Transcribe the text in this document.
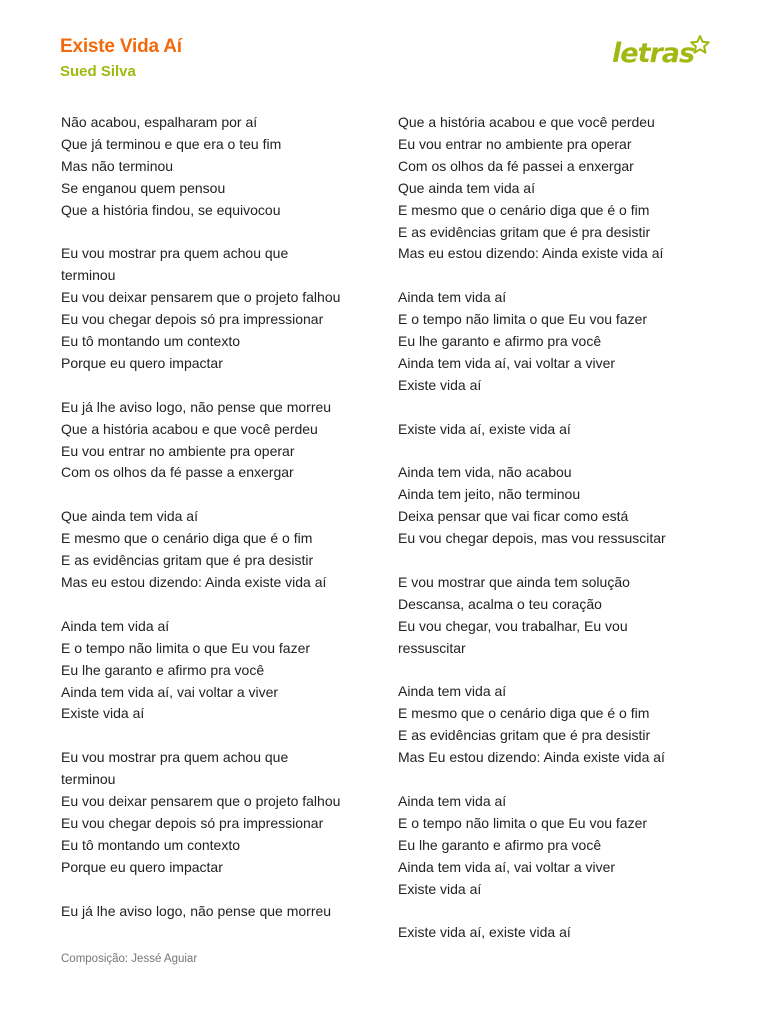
Existe Vida Aí
Sued Silva
letras
Não acabou, espalharam por aí
Que já terminou e que era o teu fim
Mas não terminou
Se enganou quem pensou
Que a história findou, se equivocou
Eu vou mostrar pra quem achou que
terminou
Eu vou deixar pensarem que o projeto falhou
Eu vou chegar depois só pra impressionar
Eu tô montando um contexto
Porque eu quero impactar
Eu já lhe aviso logo, não pense que morreu
Que a história acabou e que você perdeu
Eu vou entrar no ambiente pra operar
Com os olhos da fé passe a enxergar
Que ainda tem vida aí
E mesmo que o cenário diga que é o fim
E as evidências gritam que é pra desistir
Mas eu estou dizendo: Ainda existe vida aí
Ainda tem vida aí
E o tempo não limita o que Eu vou fazer
Eu lhe garanto e afirmo pra você
Ainda tem vida aí, vai voltar a viver
Existe vida aí
Eu vou mostrar pra quem achou que
terminou
Eu vou deixar pensarem que o projeto falhou
Eu vou chegar depois só pra impressionar
Eu tô montando um contexto
Porque eu quero impactar
Eu já lhe aviso logo, não pense que morreu
Que a história acabou e que você perdeu
Eu vou entrar no ambiente pra operar
Com os olhos da fé passei a enxergar
Que ainda tem vida aí
E mesmo que o cenário diga que é o fim
E as evidências gritam que é pra desistir
Mas eu estou dizendo: Ainda existe vida aí
Ainda tem vida aí
E o tempo não limita o que Eu vou fazer
Eu lhe garanto e afirmo pra você
Ainda tem vida aí, vai voltar a viver
Existe vida aí
Existe vida aí, existe vida aí
Ainda tem vida, não acabou
Ainda tem jeito, não terminou
Deixa pensar que vai ficar como está
Eu vou chegar depois, mas vou ressuscitar
E vou mostrar que ainda tem solução
Descansa, acalma o teu coração
Eu vou chegar, vou trabalhar, Eu vou
ressuscitar
Ainda tem vida aí
E mesmo que o cenário diga que é o fim
E as evidências gritam que é pra desistir
Mas Eu estou dizendo: Ainda existe vida aí
Ainda tem vida aí
E o tempo não limita o que Eu vou fazer
Eu lhe garanto e afirmo pra você
Ainda tem vida aí, vai voltar a viver
Existe vida aí
Existe vida aí, existe vida aí
Composição: Jessé Aguiar
